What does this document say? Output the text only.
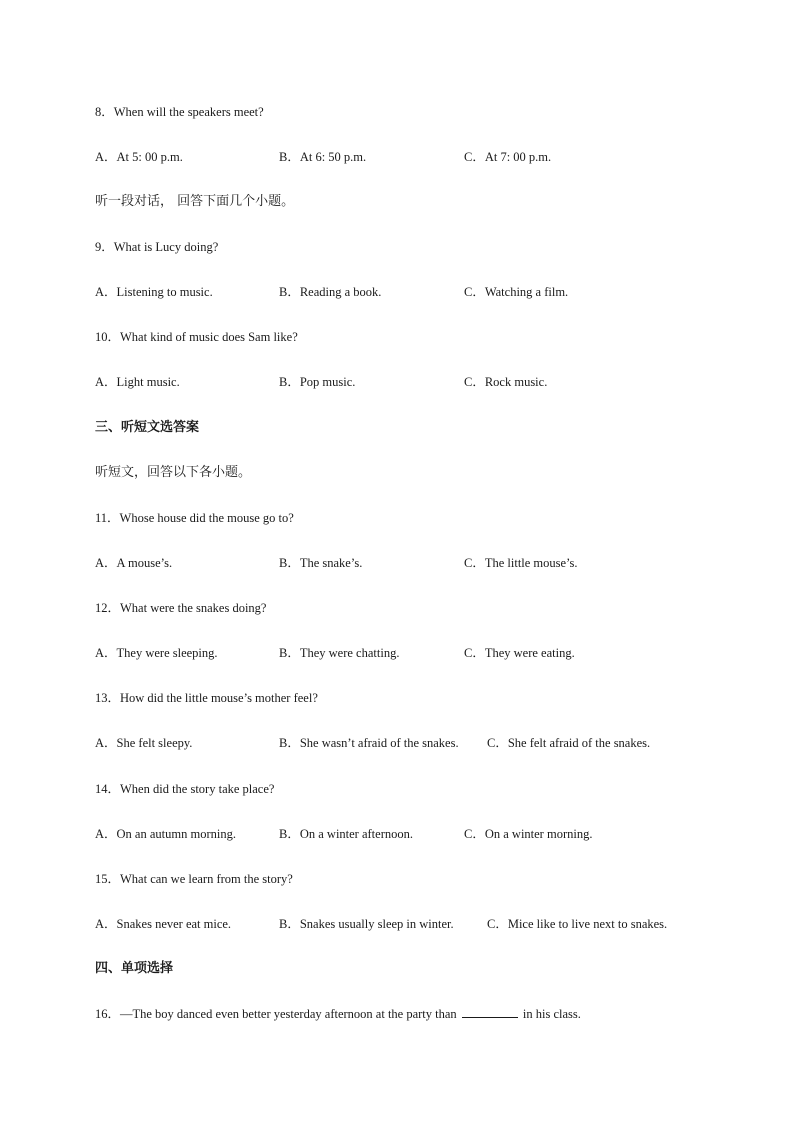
8．When will the speakers meet?
A．At 5: 00 p.m.	B．At 6: 50 p.m.	C．At 7: 00 p.m.
听一段对话， 回答下面几个小题。
9．What is Lucy doing?
A．Listening to music.	B．Reading a book.	C．Watching a film.
10．What kind of music does Sam like?
A．Light music.	B．Pop music.	C．Rock music.
三、听短文选答案
听短文，回答以下各小题。
11．Whose house did the mouse go to?
A．A mouse’s.	B．The snake’s.	C．The little mouse’s.
12．What were the snakes doing?
A．They were sleeping.	B．They were chatting.	C．They were eating.
13．How did the little mouse’s mother feel?
A．She felt sleepy.	B．She wasn’t afraid of the snakes. C．She felt afraid of the snakes.
14．When did the story take place?
A．On an autumn morning.	B．On a winter afternoon.	C．On a winter morning.
15．What can we learn from the story?
A．Snakes never eat mice.	B．Snakes usually sleep in winter.	C．Mice like to live next to snakes.
四、单项选择
16．—The boy danced even better yesterday afternoon at the party than	in his class.
